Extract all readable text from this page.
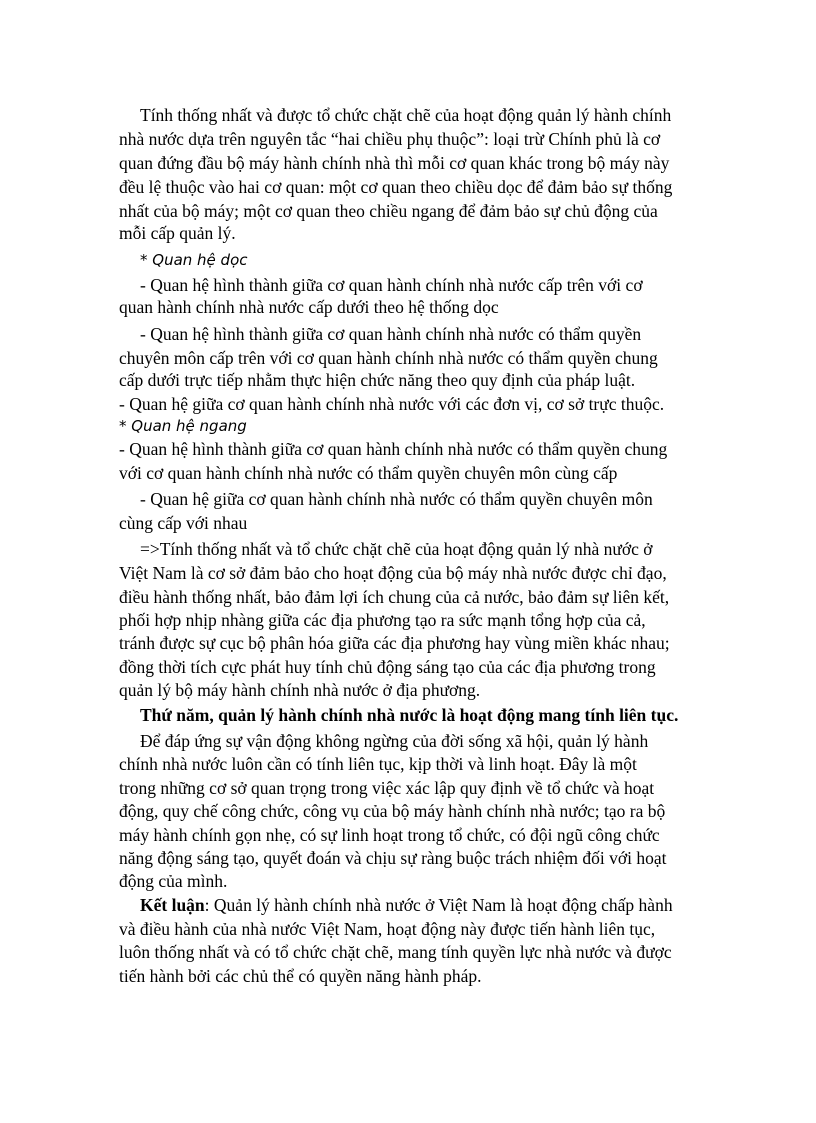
Tính thống nhất và được tổ chức chặt chẽ của hoạt động quản lý hành chính
nhà nước dựa trên nguyên tắc “hai chiều phụ thuộc”: loại trừ Chính phủ là cơ
quan đứng đầu bộ máy hành chính nhà thì mỗi cơ quan khác trong bộ máy này
đều lệ thuộc vào hai cơ quan: một cơ quan theo chiều dọc để đảm bảo sự thống
nhất của bộ máy; một cơ quan theo chiều ngang để đảm bảo sự chủ động của
mỗi cấp quản lý.
* Quan hệ dọc
- Quan hệ hình thành giữa cơ quan hành chính nhà nước cấp trên với cơ
quan hành chính nhà nước cấp dưới theo hệ thống dọc
- Quan hệ hình thành giữa cơ quan hành chính nhà nước có thẩm quyền
chuyên môn cấp trên với cơ quan hành chính nhà nước có thẩm quyền chung
cấp dưới trực tiếp nhằm thực hiện chức năng theo quy định của pháp luật.
- Quan hệ giữa cơ quan hành chính nhà nước với các đơn vị, cơ sở trực thuộc.
* Quan hệ ngang
- Quan hệ hình thành giữa cơ quan hành chính nhà nước có thẩm quyền chung
với cơ quan hành chính nhà nước có thẩm quyền chuyên môn cùng cấp
- Quan hệ giữa cơ quan hành chính nhà nước có thẩm quyền chuyên môn
cùng cấp với nhau
=>Tính thống nhất và tổ chức chặt chẽ của hoạt động quản lý nhà nước ở
Việt Nam là cơ sở đảm bảo cho hoạt động của bộ máy nhà nước được chỉ đạo,
điều hành thống nhất, bảo đảm lợi ích chung của cả nước, bảo đảm sự liên kết,
phối hợp nhịp nhàng giữa các địa phương tạo ra sức mạnh tổng hợp của cả,
tránh được sự cục bộ phân hóa giữa các địa phương hay vùng miền khác nhau;
đồng thời tích cực phát huy tính chủ động sáng tạo của các địa phương trong
quản lý bộ máy hành chính nhà nước ở địa phương.
Thứ năm, quản lý hành chính nhà nước là hoạt động mang tính liên tục.
Để đáp ứng sự vận động không ngừng của đời sống xã hội, quản lý hành
chính nhà nước luôn cần có tính liên tục, kịp thời và linh hoạt. Đây là một
trong những cơ sở quan trọng trong việc xác lập quy định về tổ chức và hoạt
động, quy chế công chức, công vụ của bộ máy hành chính nhà nước; tạo ra bộ
máy hành chính gọn nhẹ, có sự linh hoạt trong tổ chức, có đội ngũ công chức
năng động sáng tạo, quyết đoán và chịu sự ràng buộc trách nhiệm đối với hoạt
động của mình.
Kết luận: Quản lý hành chính nhà nước ở Việt Nam là hoạt động chấp hành
và điều hành của nhà nước Việt Nam, hoạt động này được tiến hành liên tục,
luôn thống nhất và có tổ chức chặt chẽ, mang tính quyền lực nhà nước và được
tiến hành bởi các chủ thể có quyền năng hành pháp.
